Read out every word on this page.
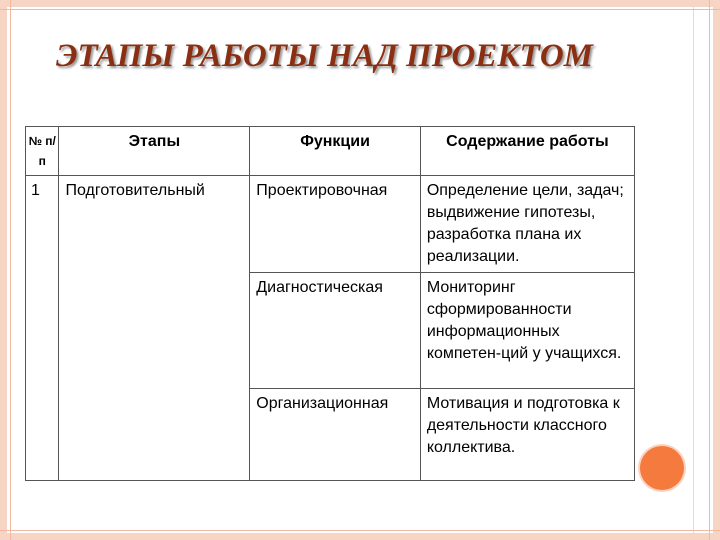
ЭТАПЫ РАБОТЫ НАД ПРОЕКТОМ
№ п/п	Этапы	Функции	Содержание работы
1	Подготовительный	Проектировочная	Определение цели, задач; выдвижение гипотезы, разработка плана их реализации.
		Диагностическая	Мониторинг сформированности информационных компетен-ций у учащихся.
		Организационная	Мотивация и подготовка к деятельности классного коллектива.
